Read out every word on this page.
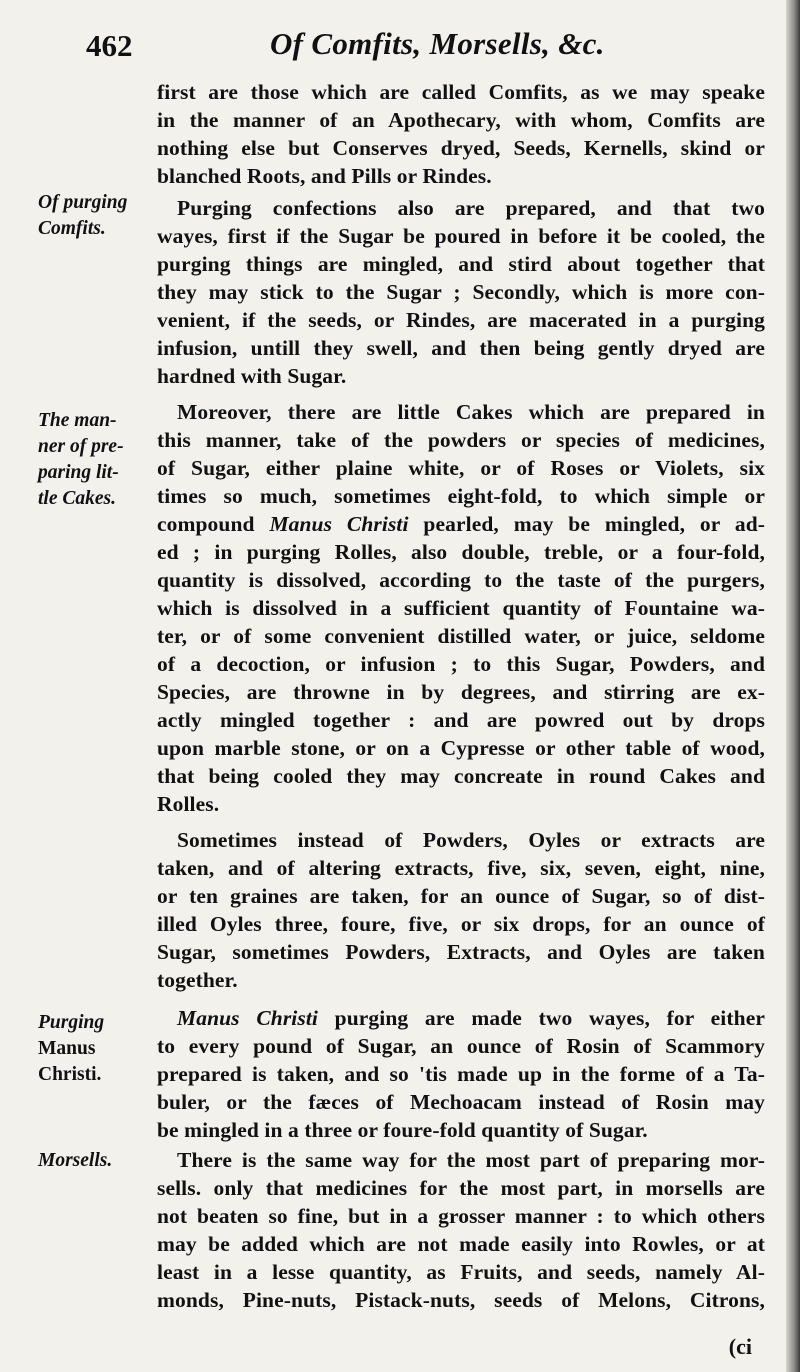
462	Of Comfits, Morsells, &c.
first are those which are called Comfits, as we may speake
in the manner of an Apothecary, with whom, Comfits are
nothing else but Conserves dryed, Seeds, Kernells, skind or
blanched Roots, and Pills or Rindes.
Purging confections also are prepared, and that two
wayes, first if the Sugar be poured in before it be cooled, the
purging things are mingled, and stird about together that
they may stick to the Sugar ; Secondly, which is more con-
venient, if the seeds, or Rindes, are macerated in a purging
infusion, untill they swell, and then being gently dryed are
hardned with Sugar.
Moreover, there are little Cakes which are prepared in
this manner, take of the powders or species of medicines,
of Sugar, either plaine white, or of Roses or Violets, six
times so much, sometimes eight-fold, to which simple or
compound Manus Christi pearled, may be mingled, or ad-
ed ; in purging Rolles, also double, treble, or a four-fold,
quantity is dissolved, according to the taste of the purgers,
which is dissolved in a sufficient quantity of Fountaine wa-
ter, or of some convenient distilled water, or juice, seldome
of a decoction, or infusion ; to this Sugar, Powders, and
Species, are throwne in by degrees, and stirring are ex-
actly mingled together : and are powred out by drops
upon marble stone, or on a Cypresse or other table of wood,
that being cooled they may concreate in round Cakes and
Rolles.
Sometimes instead of Powders, Oyles or extracts are
taken, and of altering extracts, five, six, seven, eight, nine,
or ten graines are taken, for an ounce of Sugar, so of dist-
illed Oyles three, foure, five, or six drops, for an ounce of
Sugar, sometimes Powders, Extracts, and Oyles are taken
together.
Manus Christi purging are made two wayes, for either
to every pound of Sugar, an ounce of Rosin of Scammory
prepared is taken, and so 'tis made up in the forme of a Ta-
buler, or the fæces of Mechoacam instead of Rosin may
be mingled in a three or foure-fold quantity of Sugar.
There is the same way for the most part of preparing mor-
sells. only that medicines for the most part, in morsells are
not beaten so fine, but in a grosser manner : to which others
may be added which are not made easily into Rowles, or at
least in a lesse quantity, as Fruits, and seeds, namely Al-
monds, Pine-nuts, Pistack-nuts, seeds of Melons, Citrons,
Of purging
Comfits.
The man-
ner of pre-
paring lit-
tle Cakes.
Purging
Manus
Christi.
Morsells.
(ci
